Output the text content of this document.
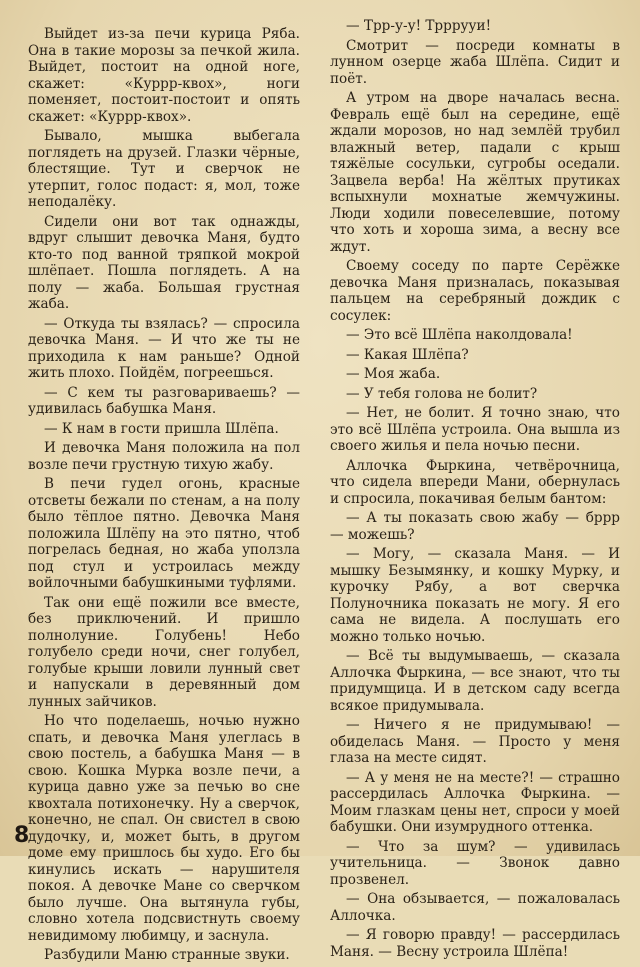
Выйдет из‑за печи курица Ряба. Она в такие морозы за печкой жила. Выйдет, постоит на одной ноге, скажет: «Куррр‑квох», ноги поменяет, постоит‑постоит и опять скажет: «Куррр‑квох».

Бывало, мышка выбегала поглядеть на друзей. Глазки чёрные, блестящие. Тут и сверчок не утерпит, голос подаст: я, мол, тоже неподалёку.

Сидели они вот так однажды, вдруг слышит девочка Маня, будто кто‑то под ванной тряпкой мокрой шлёпает. Пошла поглядеть. А на полу — жаба. Большая грустная жаба.

— Откуда ты взялась? — спросила девочка Маня. — И что же ты не приходила к нам раньше? Одной жить плохо. Пойдём, погреешься.

— С кем ты разговариваешь? — удивилась бабушка Маня.

— К нам в гости пришла Шлёпа.

И девочка Маня положила на пол возле печи грустную тихую жабу.

В печи гудел огонь, красные отсветы бежали по стенам, а на полу было тёплое пятно. Девочка Маня положила Шлёпу на это пятно, чтоб погрелась бедная, но жаба уползла под стул и устроилась между войлочными бабушкиными туфлями.

Так они ещё пожили все вместе, без приключений. И пришло полнолуние. Голубень! Небо голубело среди ночи, снег голубел, голубые крыши ловили лунный свет и напускали в деревянный дом лунных зайчиков.

Но что поделаешь, ночью нужно спать, и девочка Маня улеглась в свою постель, а бабушка Маня — в свою. Кошка Мурка возле печи, а курица давно уже за печью во сне квохтала потихонечку. Ну а сверчок, конечно, не спал. Он свистел в свою дудочку, и, может быть, в другом доме ему пришлось бы худо. Его бы кинулись искать — нарушителя покоя. А девочке Мане со сверчком было лучше. Она вытянула губы, словно хотела подсвистнуть своему невидимому любимцу, и заснула.

Разбудили Маню странные звуки.

— Трр‑у‑у! Трррууи!

Смотрит — посреди комнаты в лунном озерце жаба Шлёпа. Сидит и поёт.

А утром на дворе началась весна. Февраль ещё был на середине, ещё ждали морозов, но над землёй трубил влажный ветер, падали с крыш тяжёлые сосульки, сугробы оседали. Зацвела верба! На жёлтых прутиках вспыхнули мохнатые жемчужины. Люди ходили повеселевшие, потому что хоть и хороша зима, а весну все ждут.

Своему соседу по парте Серёжке девочка Маня призналась, показывая пальцем на серебряный дождик с сосулек:

— Это всё Шлёпа наколдовала!

— Какая Шлёпа?

— Моя жаба.

— У тебя голова не болит?

— Нет, не болит. Я точно знаю, что это всё Шлёпа устроила. Она вышла из своего жилья и пела ночью песни.

Аллочка Фыркина, четвёрочница, что сидела впереди Мани, обернулась и спросила, покачивая белым бантом:

— А ты показать свою жабу — бррр — можешь?

— Могу, — сказала Маня. — И мышку Безымянку, и кошку Мурку, и курочку Рябу, а вот сверчка Полуночника показать не могу. Я его сама не видела. А послушать его можно только ночью.

— Всё ты выдумываешь, — сказала Аллочка Фыркина, — все знают, что ты придумщица. И в детском саду всегда всякое придумывала.

— Ничего я не придумываю! — обиделась Маня. — Просто у меня глаза на месте сидят.

— А у меня не на месте?! — страшно рассердилась Аллочка Фыркина. — Моим глазкам цены нет, спроси у моей бабушки. Они изумрудного оттенка.

— Что за шум? — удивилась учительница. — Звонок давно прозвенел.

— Она обзывается, — пожаловалась Аллочка.

— Я говорю правду! — рассердилась Маня. — Весну устроила Шлёпа!

8
